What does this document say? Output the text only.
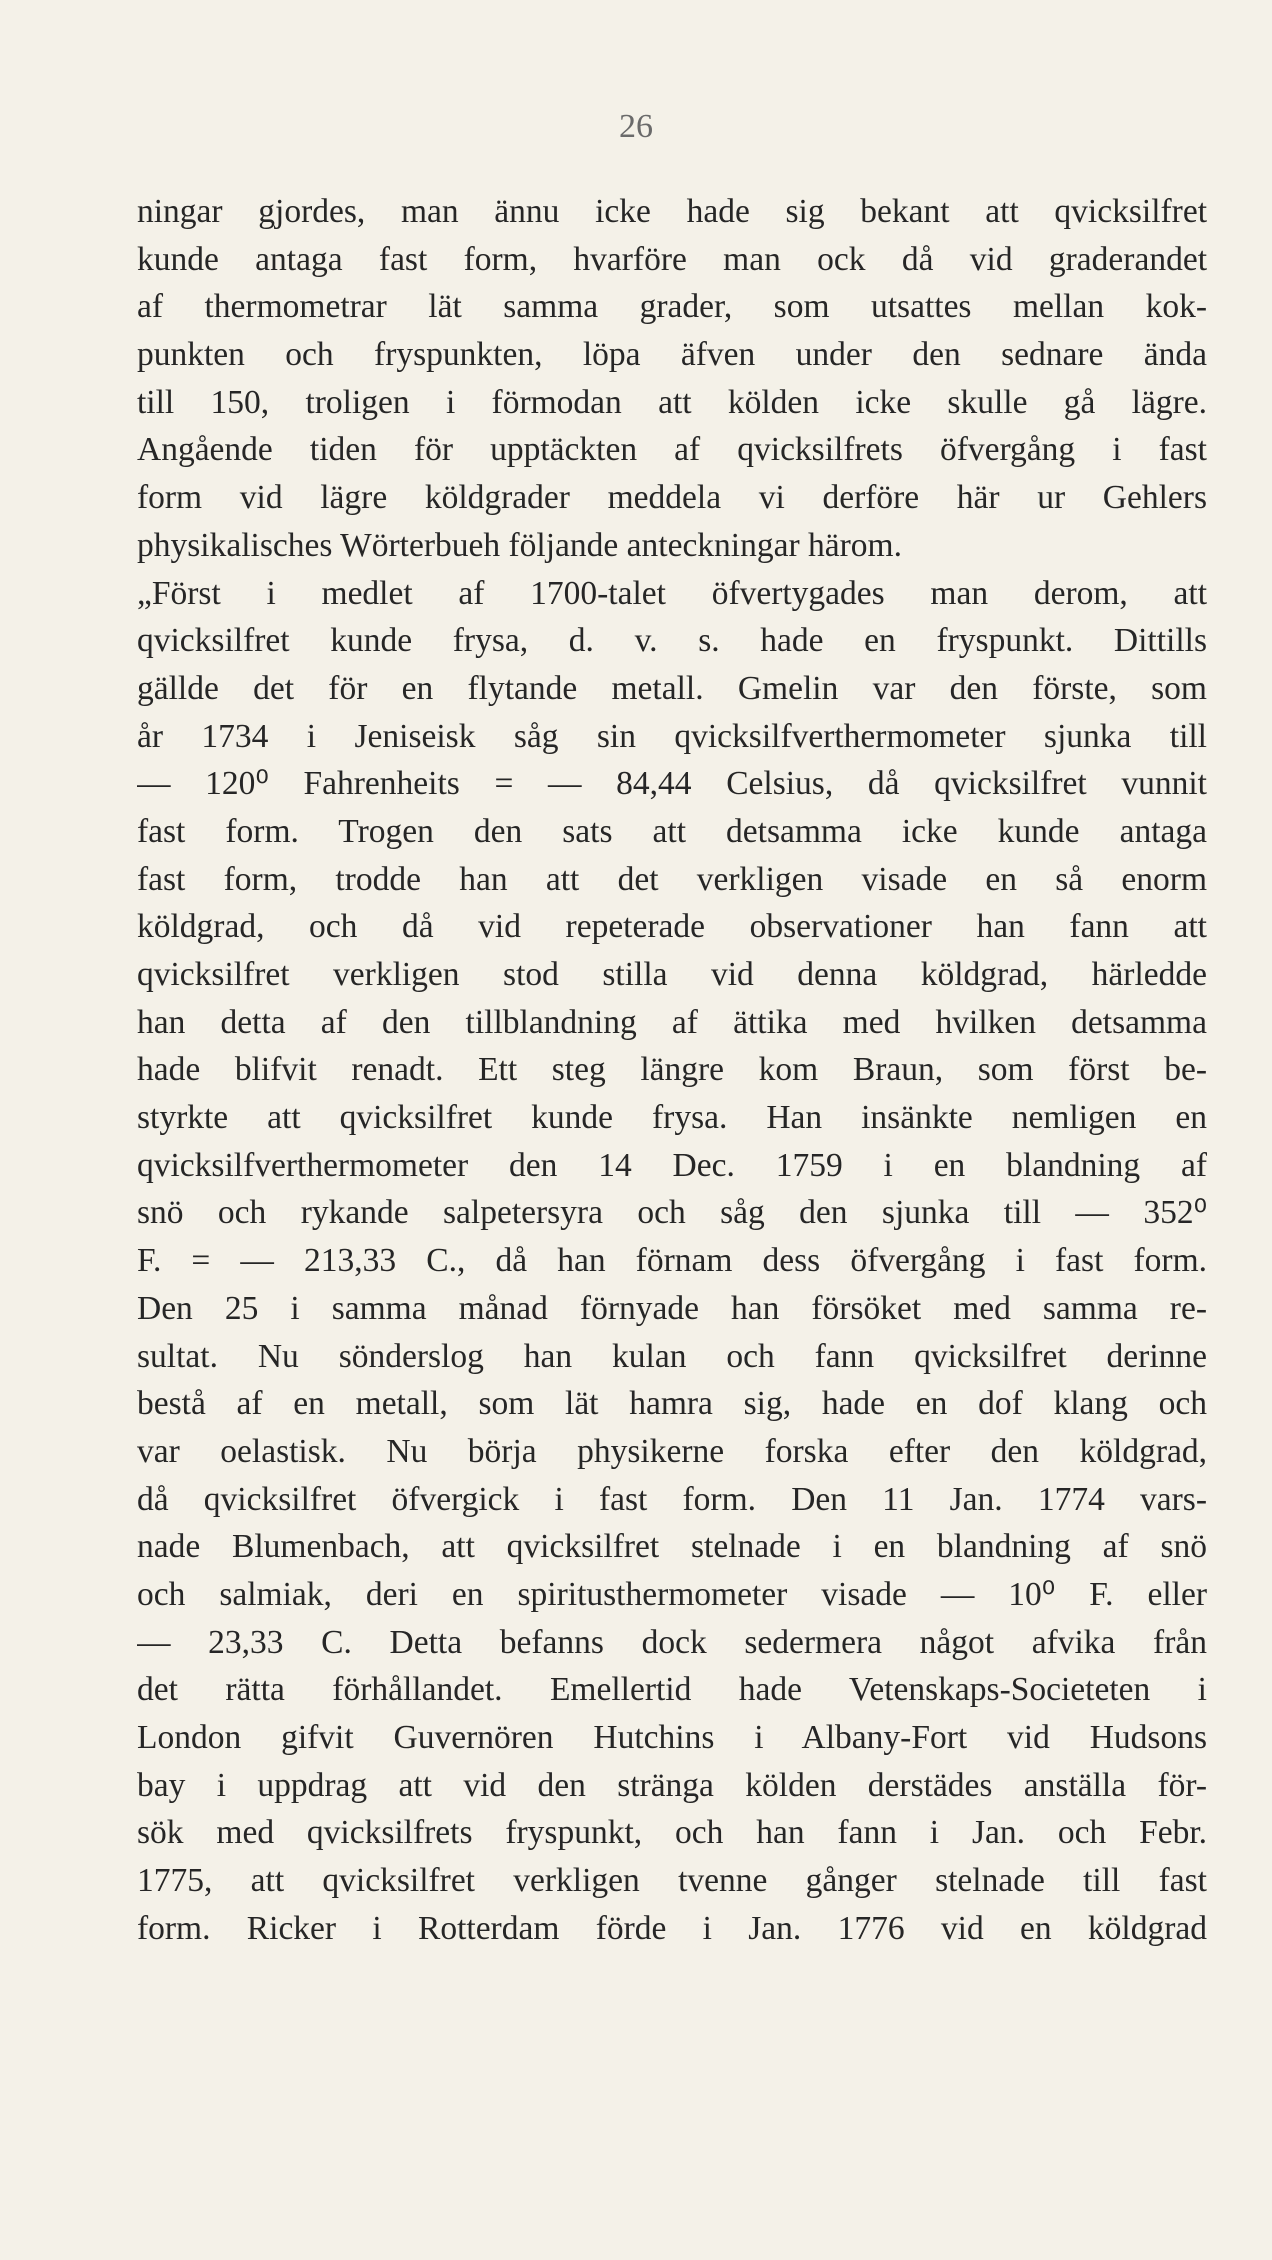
26
ningar gjordes, man ännu icke hade sig bekant att qvicksilfret
kunde antaga fast form, hvarföre man ock då vid graderandet
af thermometrar lät samma grader, som utsattes mellan kok-
punkten och fryspunkten, löpa äfven under den sednare ända
till 150, troligen i förmodan att kölden icke skulle gå lägre.
Angående tiden för upptäckten af qvicksilfrets öfvergång i fast
form vid lägre köldgrader meddela vi derföre här ur Gehlers
physikalisches Wörterbueh följande anteckningar härom.
„Först i medlet af 1700-talet öfvertygades man derom, att
qvicksilfret kunde frysa, d. v. s. hade en fryspunkt. Dittills
gällde det för en flytande metall. Gmelin var den förste, som
år 1734 i Jeniseisk såg sin qvicksilfverthermometer sjunka till
— 120⁰ Fahrenheits = — 84,44 Celsius, då qvicksilfret vunnit
fast form. Trogen den sats att detsamma icke kunde antaga
fast form, trodde han att det verkligen visade en så enorm
köldgrad, och då vid repeterade observationer han fann att
qvicksilfret verkligen stod stilla vid denna köldgrad, härledde
han detta af den tillblandning af ättika med hvilken detsamma
hade blifvit renadt. Ett steg längre kom Braun, som först be-
styrkte att qvicksilfret kunde frysa. Han insänkte nemligen en
qvicksilfverthermometer den 14 Dec. 1759 i en blandning af
snö och rykande salpetersyra och såg den sjunka till — 352⁰
F. = — 213,33 C., då han förnam dess öfvergång i fast form.
Den 25 i samma månad förnyade han försöket med samma re-
sultat. Nu sönderslog han kulan och fann qvicksilfret derinne
bestå af en metall, som lät hamra sig, hade en dof klang och
var oelastisk. Nu börja physikerne forska efter den köldgrad,
då qvicksilfret öfvergick i fast form. Den 11 Jan. 1774 vars-
nade Blumenbach, att qvicksilfret stelnade i en blandning af snö
och salmiak, deri en spiritusthermometer visade — 10⁰ F. eller
— 23,33 C. Detta befanns dock sedermera något afvika från
det rätta förhållandet. Emellertid hade Vetenskaps-Societeten i
London gifvit Guvernören Hutchins i Albany-Fort vid Hudsons
bay i uppdrag att vid den stränga kölden derstädes anställa för-
sök med qvicksilfrets fryspunkt, och han fann i Jan. och Febr.
1775, att qvicksilfret verkligen tvenne gånger stelnade till fast
form. Ricker i Rotterdam förde i Jan. 1776 vid en köldgrad
